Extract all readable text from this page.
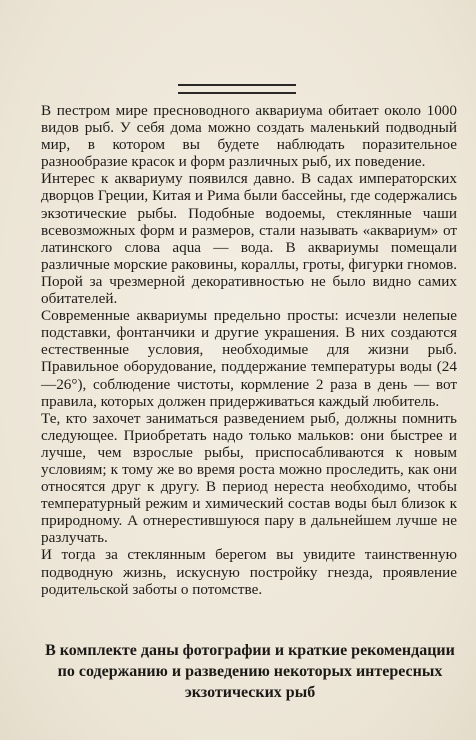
В пестром мире пресноводного аквариума обитает около 1000 видов рыб. У себя дома можно создать маленький подводный мир, в котором вы будете наблюдать поразительное разнообразие красок и форм различных рыб, их поведение.

Интерес к аквариуму появился давно. В садах императорских дворцов Греции, Китая и Рима были бассейны, где содержались экзотические рыбы. Подобные водоемы, стеклянные чаши всевозможных форм и размеров, стали называть «аквариум» от латинского слова aqua — вода. В аквариумы помещали различные морские раковины, кораллы, гроты, фигурки гномов. Порой за чрезмерной декоративностью не было видно самих обитателей.

Современные аквариумы предельно просты: исчезли нелепые подставки, фонтанчики и другие украшения. В них создаются естественные условия, необходимые для жизни рыб. Правильное оборудование, поддержание температуры воды (24—26°), соблюдение чистоты, кормление 2 раза в день — вот правила, которых должен придерживаться каждый любитель.

Те, кто захочет заниматься разведением рыб, должны помнить следующее. Приобретать надо только мальков: они быстрее и лучше, чем взрослые рыбы, приспосабливаются к новым условиям; к тому же во время роста можно проследить, как они относятся друг к другу. В период нереста необходимо, чтобы температурный режим и химический состав воды был близок к природному. А отнерестившуюся пару в дальнейшем лучше не разлучать.

И тогда за стеклянным берегом вы увидите таинственную подводную жизнь, искусную постройку гнезда, проявление родительской заботы о потомстве.

В комплекте даны фотографии и краткие рекомендации по содержанию и разведению некоторых интересных экзотических рыб
